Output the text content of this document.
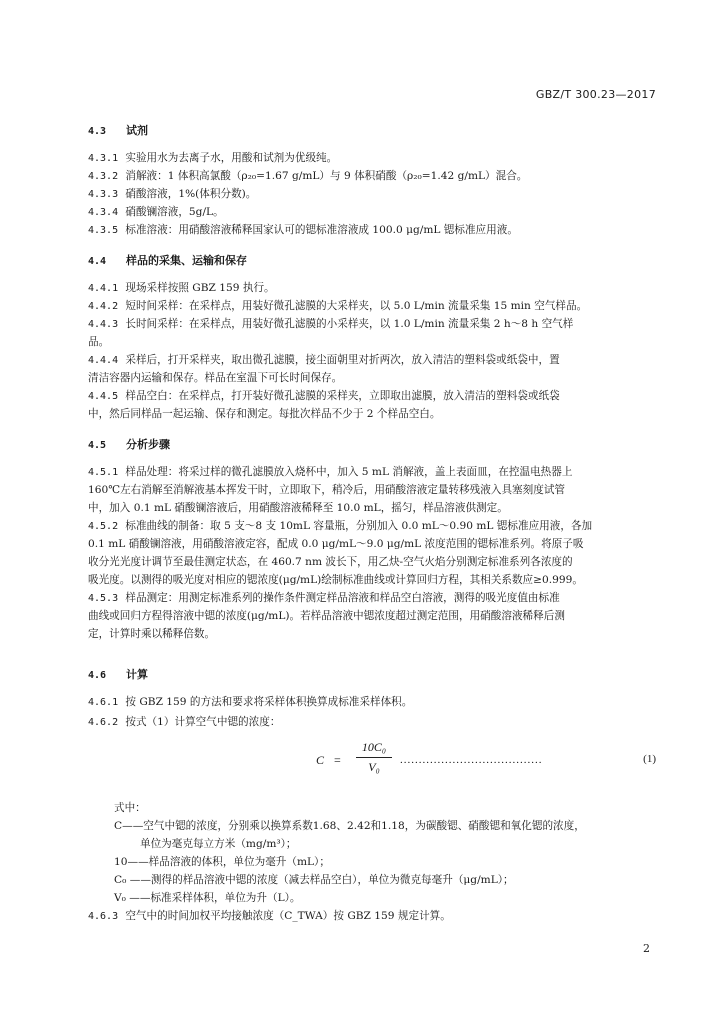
GBZ/T 300.23—2017
4.3 试剂
4.3.1 实验用水为去离子水，用酸和试剂为优级纯。
4.3.2 消解液：1 体积高氯酸（ρ₂₀=1.67 g/mL）与 9 体积硝酸（ρ₂₀=1.42 g/mL）混合。
4.3.3 硝酸溶液，1%(体积分数)。
4.3.4 硝酸镧溶液，5g/L。
4.3.5 标准溶液：用硝酸溶液稀释国家认可的锶标准溶液成 100.0 μg/mL 锶标准应用液。
4.4 样品的采集、运输和保存
4.4.1 现场采样按照 GBZ 159 执行。
4.4.2 短时间采样：在采样点，用装好微孔滤膜的大采样夹，以 5.0 L/min 流量采集 15 min 空气样品。
4.4.3 长时间采样：在采样点，用装好微孔滤膜的小采样夹，以 1.0 L/min 流量采集 2 h～8 h 空气样
品。
4.4.4 采样后，打开采样夹，取出微孔滤膜，接尘面朝里对折两次，放入清洁的塑料袋或纸袋中，置
清洁容器内运输和保存。样品在室温下可长时间保存。
4.4.5 样品空白：在采样点，打开装好微孔滤膜的采样夹，立即取出滤膜，放入清洁的塑料袋或纸袋
中，然后同样品一起运输、保存和测定。每批次样品不少于 2 个样品空白。
4.5 分析步骤
4.5.1 样品处理：将采过样的微孔滤膜放入烧杯中，加入 5 mL 消解液，盖上表面皿，在控温电热器上
160℃左右消解至消解液基本挥发干时，立即取下，稍冷后，用硝酸溶液定量转移残液入具塞刻度试管
中，加入 0.1 mL 硝酸镧溶液后，用硝酸溶液稀释至 10.0 mL，摇匀，样品溶液供测定。
4.5.2 标准曲线的制备：取 5 支～8 支 10mL 容量瓶，分别加入 0.0 mL～0.90 mL 锶标准应用液，各加
0.1 mL 硝酸镧溶液，用硝酸溶液定容，配成 0.0 μg/mL～9.0 μg/mL 浓度范围的锶标准系列。将原子吸
收分光光度计调节至最佳测定状态，在 460.7 nm 波长下，用乙炔-空气火焰分别测定标准系列各浓度的
吸光度。以测得的吸光度对相应的锶浓度(μg/mL)绘制标准曲线或计算回归方程，其相关系数应≥0.999。
4.5.3 样品测定：用测定标准系列的操作条件测定样品溶液和样品空白溶液，测得的吸光度值由标准
曲线或回归方程得溶液中锶的浓度(μg/mL)。若样品溶液中锶浓度超过测定范围，用硝酸溶液稀释后测
定，计算时乘以稀释倍数。
4.6 计算
4.6.1 按 GBZ 159 的方法和要求将采样体积换算成标准采样体积。
4.6.2 按式（1）计算空气中锶的浓度：
C =
10C₀
V₀	......................................	(1)
式中：
C——空气中锶的浓度，分别乘以换算系数1.68、2.42和1.18，为碳酸锶、硝酸锶和氧化锶的浓度，
单位为毫克每立方米（mg/m³）；
10——样品溶液的体积，单位为毫升（mL）；
C₀ ——测得的样品溶液中锶的浓度（减去样品空白），单位为微克每毫升（μg/mL）；
V₀ ——标准采样体积，单位为升（L）。
4.6.3 空气中的时间加权平均接触浓度（C_TWA）按 GBZ 159 规定计算。
2
